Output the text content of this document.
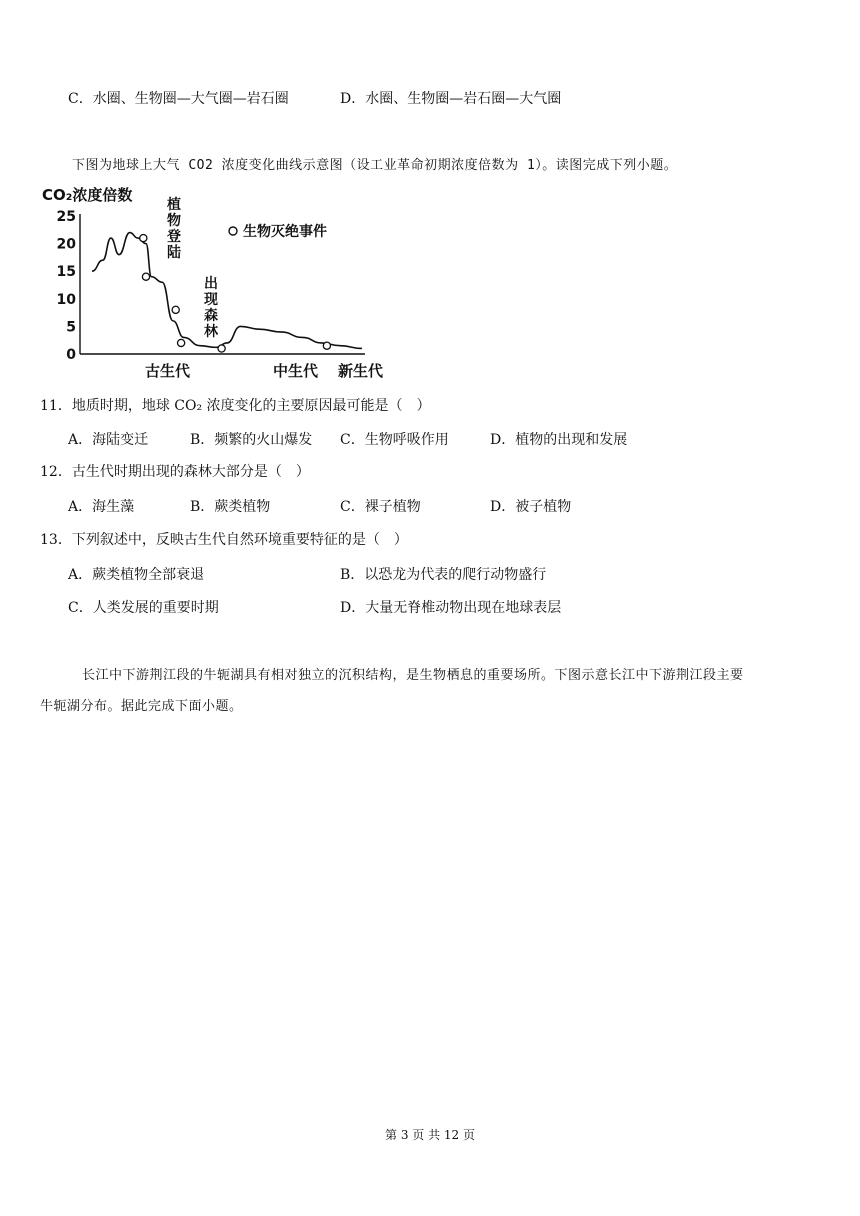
C．水圈、生物圈—大气圈—岩石圈	D．水圈、生物圈—岩石圈—大气圈
下图为地球上大气 CO2 浓度变化曲线示意图（设工业革命初期浓度倍数为 1）。读图完成下列小题。
CO₂浓度倍数
25
20
15
10
5
0
植
物
登
陆
出
现
森
林
生物灭绝事件
古生代	中生代 新生代
11．地质时期，地球 CO₂ 浓度变化的主要原因最可能是（　）
A．海陆变迁	B．频繁的火山爆发 C．生物呼吸作用	D．植物的出现和发展
12．古生代时期出现的森林大部分是（　）
A．海生藻	B．蕨类植物	C．裸子植物	D．被子植物
13．下列叙述中，反映古生代自然环境重要特征的是（　）
A．蕨类植物全部衰退	B．以恐龙为代表的爬行动物盛行
C．人类发展的重要时期	D．大量无脊椎动物出现在地球表层
长江中下游荆江段的牛轭湖具有相对独立的沉积结构，是生物栖息的重要场所。下图示意长江中下游荆江段主要
牛轭湖分布。据此完成下面小题。
第 3 页 共 12 页
